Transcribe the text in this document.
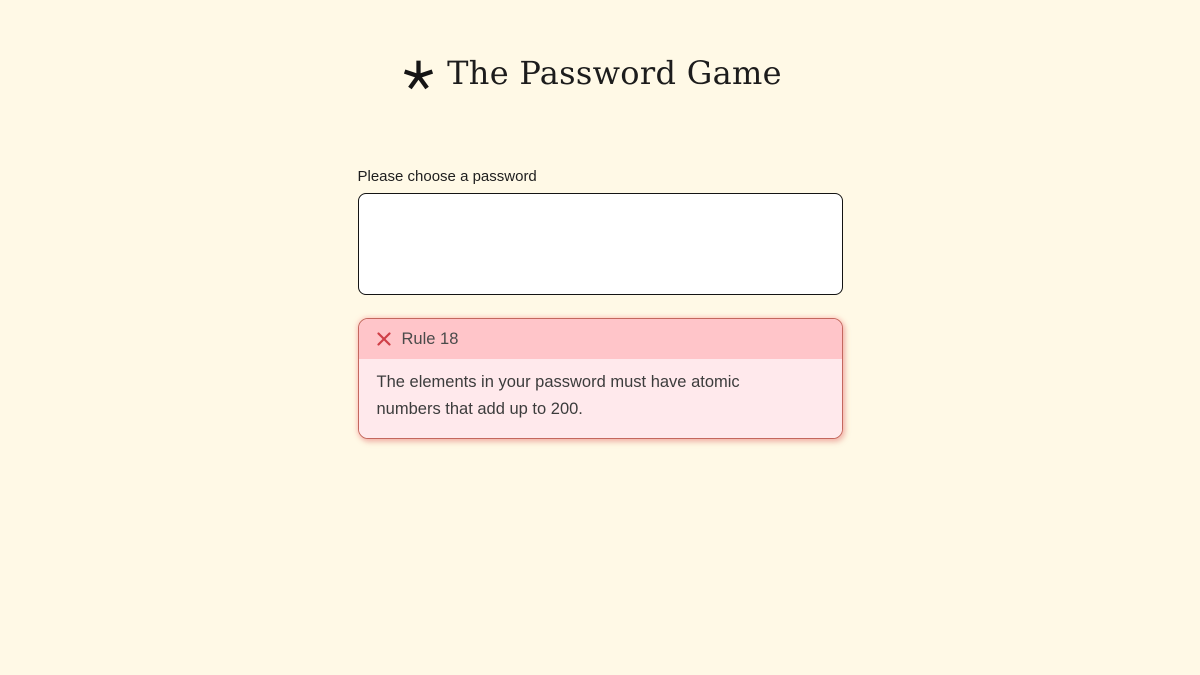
The Password Game
Please choose a password
Rule 18

The elements in your password must have atomic numbers that add up to 200.
